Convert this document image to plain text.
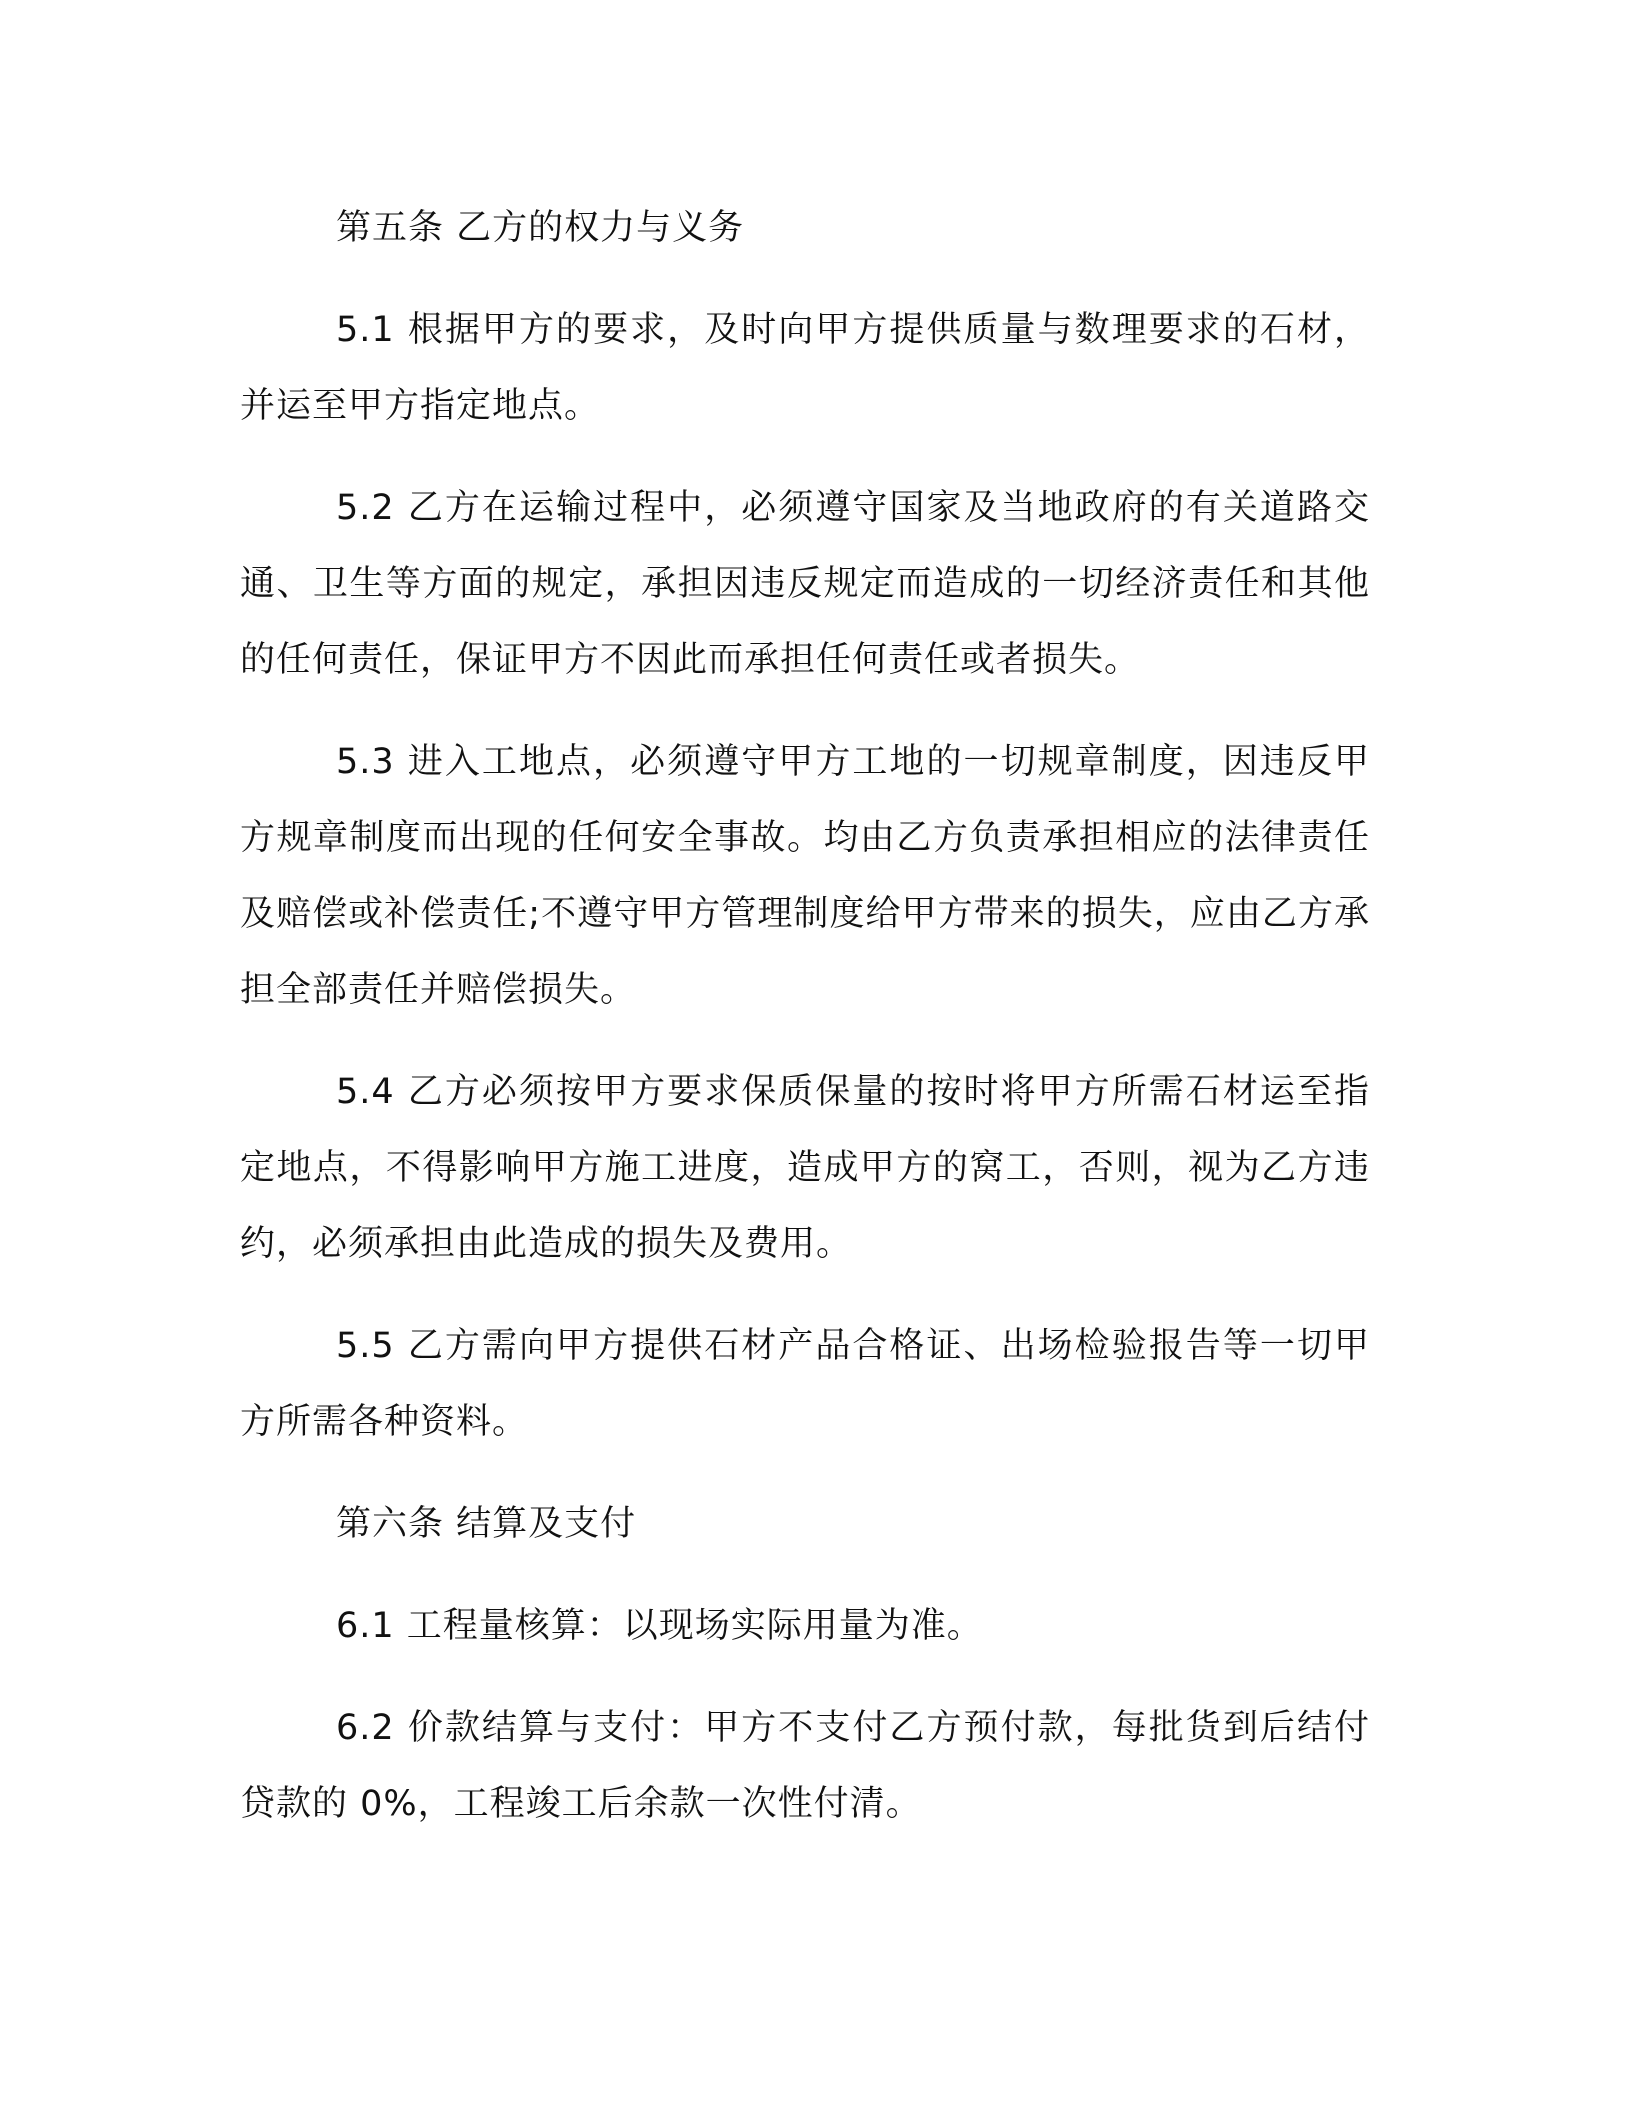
第五条 乙方的权力与义务

5.1 根据甲方的要求，及时向甲方提供质量与数理要求的石材，并运至甲方指定地点。

5.2 乙方在运输过程中，必须遵守国家及当地政府的有关道路交通、卫生等方面的规定，承担因违反规定而造成的一切经济责任和其他的任何责任，保证甲方不因此而承担任何责任或者损失。

5.3 进入工地点，必须遵守甲方工地的一切规章制度，因违反甲方规章制度而出现的任何安全事故。均由乙方负责承担相应的法律责任及赔偿或补偿责任;不遵守甲方管理制度给甲方带来的损失，应由乙方承担全部责任并赔偿损失。

5.4 乙方必须按甲方要求保质保量的按时将甲方所需石材运至指定地点，不得影响甲方施工进度，造成甲方的窝工，否则，视为乙方违约，必须承担由此造成的损失及费用。

5.5 乙方需向甲方提供石材产品合格证、出场检验报告等一切甲方所需各种资料。

第六条 结算及支付

6.1 工程量核算：以现场实际用量为准。

6.2 价款结算与支付：甲方不支付乙方预付款，每批货到后结付贷款的 0%，工程竣工后余款一次性付清。
